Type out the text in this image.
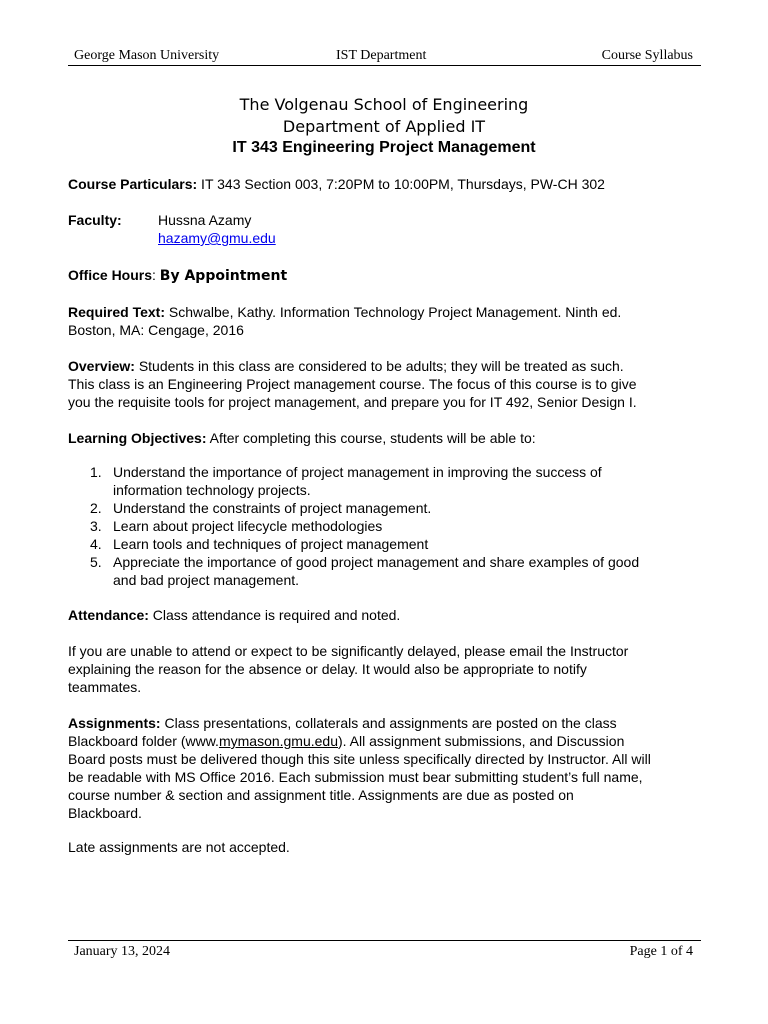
George Mason University	IST Department	Course Syllabus
The Volgenau School of Engineering
Department of Applied IT
IT 343 Engineering Project Management
Course Particulars: IT 343 Section 003, 7:20PM to 10:00PM, Thursdays, PW-CH 302
Faculty:	Hussna Azamy
hazamy@gmu.edu
Office Hours: By Appointment
Required Text: Schwalbe, Kathy. Information Technology Project Management. Ninth ed.
Boston, MA: Cengage, 2016
Overview: Students in this class are considered to be adults; they will be treated as such.
This class is an Engineering Project management course. The focus of this course is to give
you the requisite tools for project management, and prepare you for IT 492, Senior Design I.
Learning Objectives: After completing this course, students will be able to:
1. Understand the importance of project management in improving the success of
information technology projects.
2. Understand the constraints of project management.
3. Learn about project lifecycle methodologies
4. Learn tools and techniques of project management
5. Appreciate the importance of good project management and share examples of good
and bad project management.
Attendance: Class attendance is required and noted.
If you are unable to attend or expect to be significantly delayed, please email the Instructor
explaining the reason for the absence or delay. It would also be appropriate to notify
teammates.
Assignments: Class presentations, collaterals and assignments are posted on the class
Blackboard folder (www.mymason.gmu.edu). All assignment submissions, and Discussion
Board posts must be delivered though this site unless specifically directed by Instructor. All will
be readable with MS Office 2016. Each submission must bear submitting student’s full name,
course number & section and assignment title. Assignments are due as posted on
Blackboard.
Late assignments are not accepted.
January 13, 2024	Page 1 of 4
